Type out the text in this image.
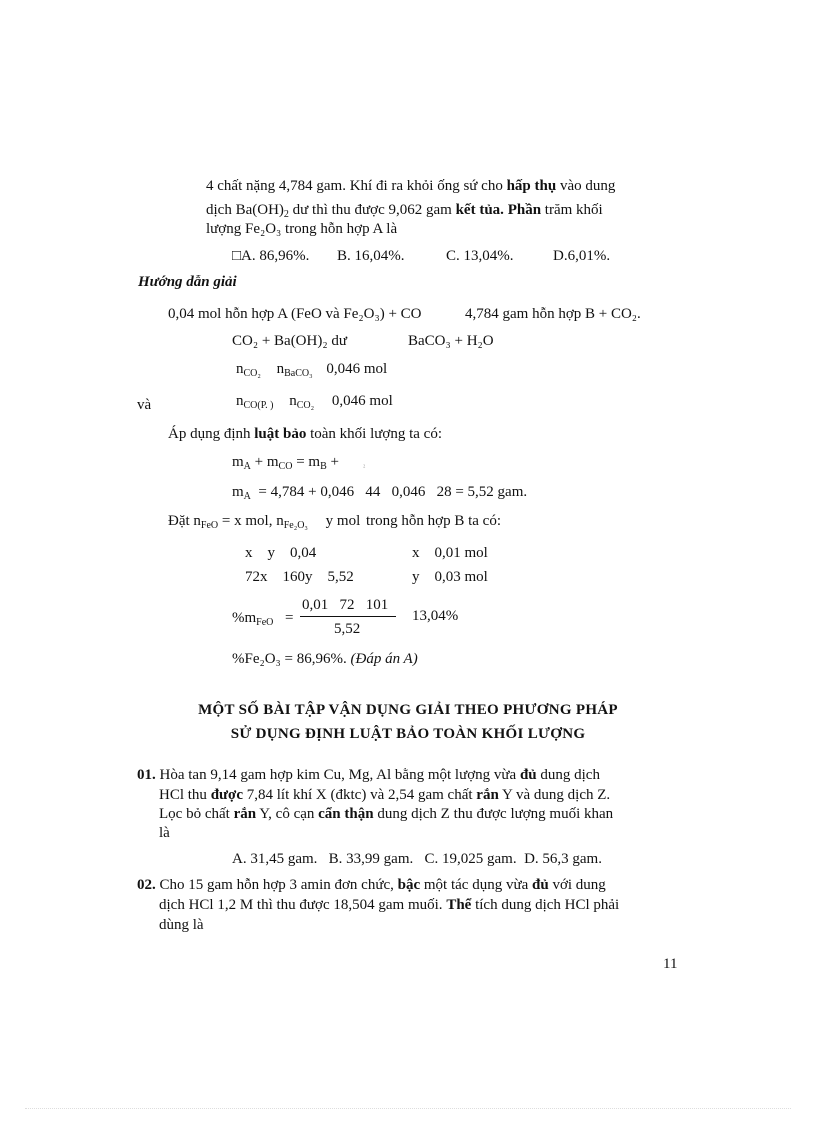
4 chất nặng 4,784 gam. Khí đi ra khỏi ống sứ cho hấp thụ vào dung
dịch $Ba(OH)_2$ dư thì thu được 9,062 gam kết tủa. Phần trăm khối
lượng Fe₂O₃ trong hỗn hợp A là
□A. 86,96%. B. 16,04%.	C. 13,04%.	D.6,01%.
Hướng dẫn giải
0,04 mol hỗn hợp A (FeO và Fe₂O₃) + CO	4,784 gam hỗn hợp B + CO₂.
CO₂ + Ba(OH)₂ dư	BaCO₃ + H₂O
$n_{CO_2}$ $n_{BaCO_3}$ 0,046 mol
và	$n_{CO(P. )}$ $n_{CO_2}$ 0,046 mol
Áp dụng định luật bảo toàn khối lượng ta có:
$m_A + m_{CO} = m_B$ +	₂
$m_A = 4,784 + 0,046$   44   0,046   28 = 5,52 gam.
Đặt $n_{FeO} = x$ mol, $n_{Fe_2O_3}$ y mol trong hỗn hợp B ta có:
x    y    0,04
72x    160y    5,52
x    0,01 mol
y    0,03 mol
$\%m_{FeO}$ =
0,01   72   101
5,52
13,04%
%Fe₂O₃ = 86,96%. (Đáp án A)
MỘT SỐ BÀI TẬP VẬN DỤNG GIẢI THEO PHƯƠNG PHÁP
SỬ DỤNG ĐỊNH LUẬT BẢO TOÀN KHỐI LƯỢNG
01. Hòa tan 9,14 gam hợp kim Cu, Mg, Al bằng một lượng vừa đủ dung dịch
HCl thu được 7,84 lít khí X (đktc) và 2,54 gam chất rắn Y và dung dịch Z.
Lọc bỏ chất rắn Y, cô cạn cẩn thận dung dịch Z thu được lượng muối khan
là
A. 31,45 gam.   B. 33,99 gam.   C. 19,025 gam.  D. 56,3 gam.
02. Cho 15 gam hỗn hợp 3 amin đơn chức, bậc một tác dụng vừa đủ với dung
dịch HCl 1,2 M thì thu được 18,504 gam muối. Thể tích dung dịch HCl phải
dùng là
11
